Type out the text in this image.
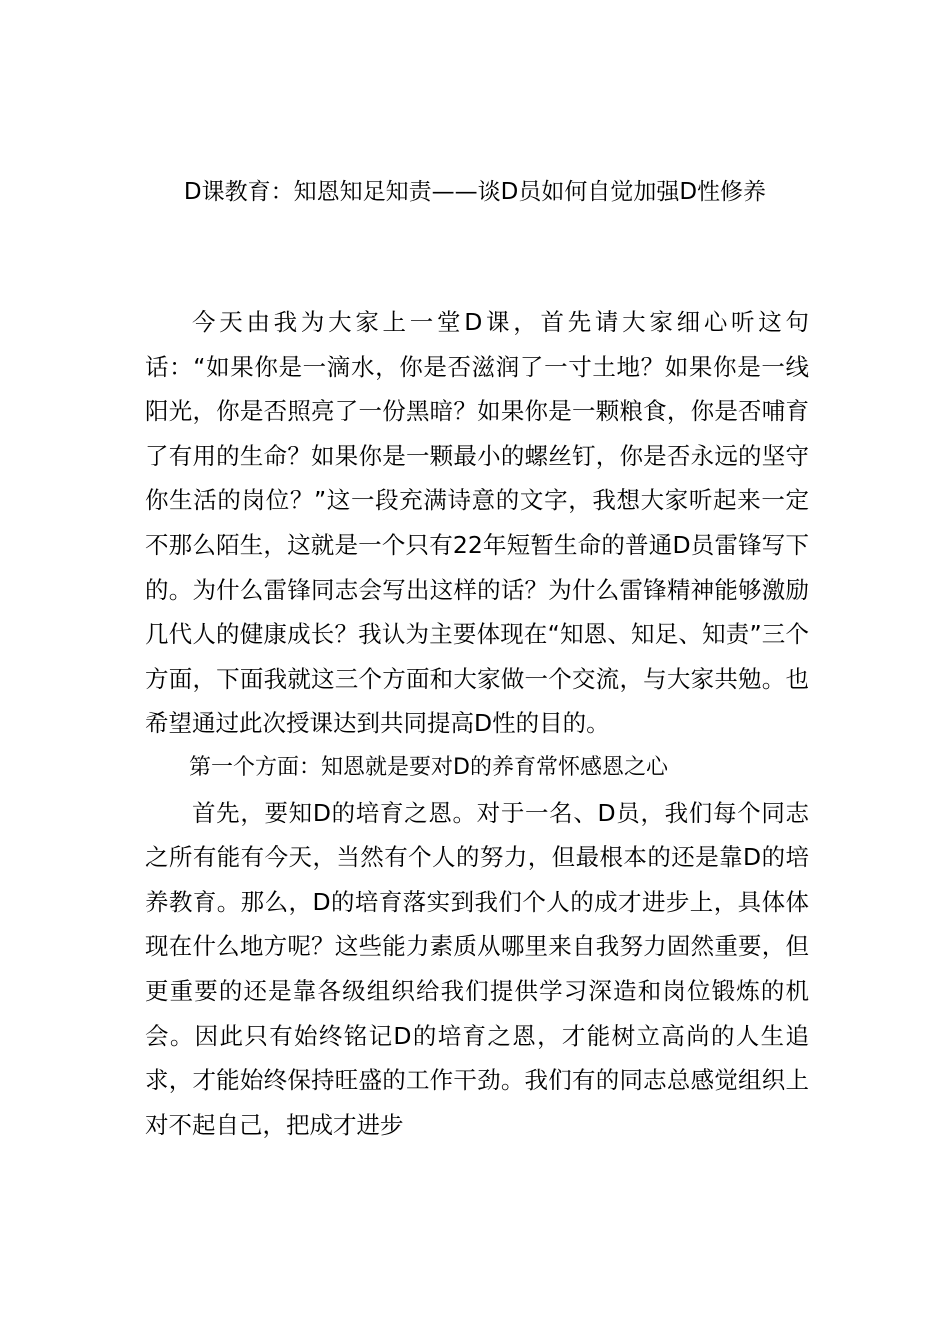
D课教育：知恩知足知责——谈D员如何自觉加强D性修养

今天由我为大家上一堂D课，首先请大家细心听这句话：“如果你是一滴水，你是否滋润了一寸土地？如果你是一线阳光，你是否照亮了一份黑暗？如果你是一颗粮食，你是否哺育了有用的生命？如果你是一颗最小的螺丝钉，你是否永远的坚守你生活的岗位？”这一段充满诗意的文字，我想大家听起来一定不那么陌生，这就是一个只有22年短暂生命的普通D员雷锋写下的。为什么雷锋同志会写出这样的话？为什么雷锋精神能够激励几代人的健康成长？我认为主要体现在“知恩、知足、知责”三个方面，下面我就这三个方面和大家做一个交流，与大家共勉。也希望通过此次授课达到共同提高D性的目的。

第一个方面：知恩就是要对D的养育常怀感恩之心

首先，要知D的培育之恩。对于一名、D员，我们每个同志之所有能有今天，当然有个人的努力，但最根本的还是靠D的培养教育。那么，D的培育落实到我们个人的成才进步上，具体体现在什么地方呢？这些能力素质从哪里来自我努力固然重要，但更重要的还是靠各级组织给我们提供学习深造和岗位锻炼的机会。因此只有始终铭记D的培育之恩，才能树立高尚的人生追求，才能始终保持旺盛的工作干劲。我们有的同志总感觉组织上对不起自己，把成才进步
